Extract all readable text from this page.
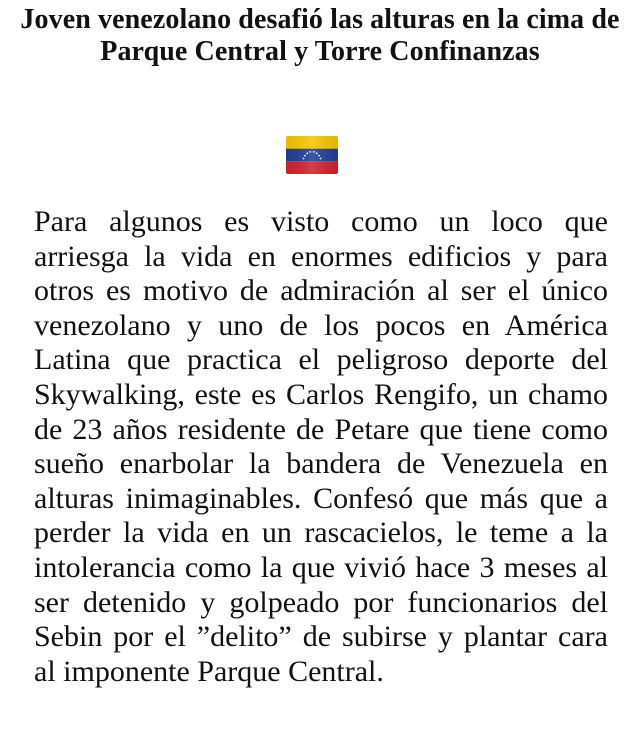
Joven venezolano desafió las alturas en la cima de Parque Central y Torre Confinanzas

Para algunos es visto como un loco que arriesga la vida en enormes edificios y para otros es motivo de admiración al ser el único venezolano y uno de los pocos en América Latina que practica el peligroso deporte del Skywalking, este es Carlos Rengifo, un chamo de 23 años residente de Petare que tiene como sueño enarbolar la bandera de Venezuela en alturas inimaginables. Confesó que más que a perder la vida en un rascacielos, le teme a la intolerancia como la que vivió hace 3 meses al ser detenido y golpeado por funcionarios del Sebin por el ”delito” de subirse y plantar cara al imponente Parque Central.
